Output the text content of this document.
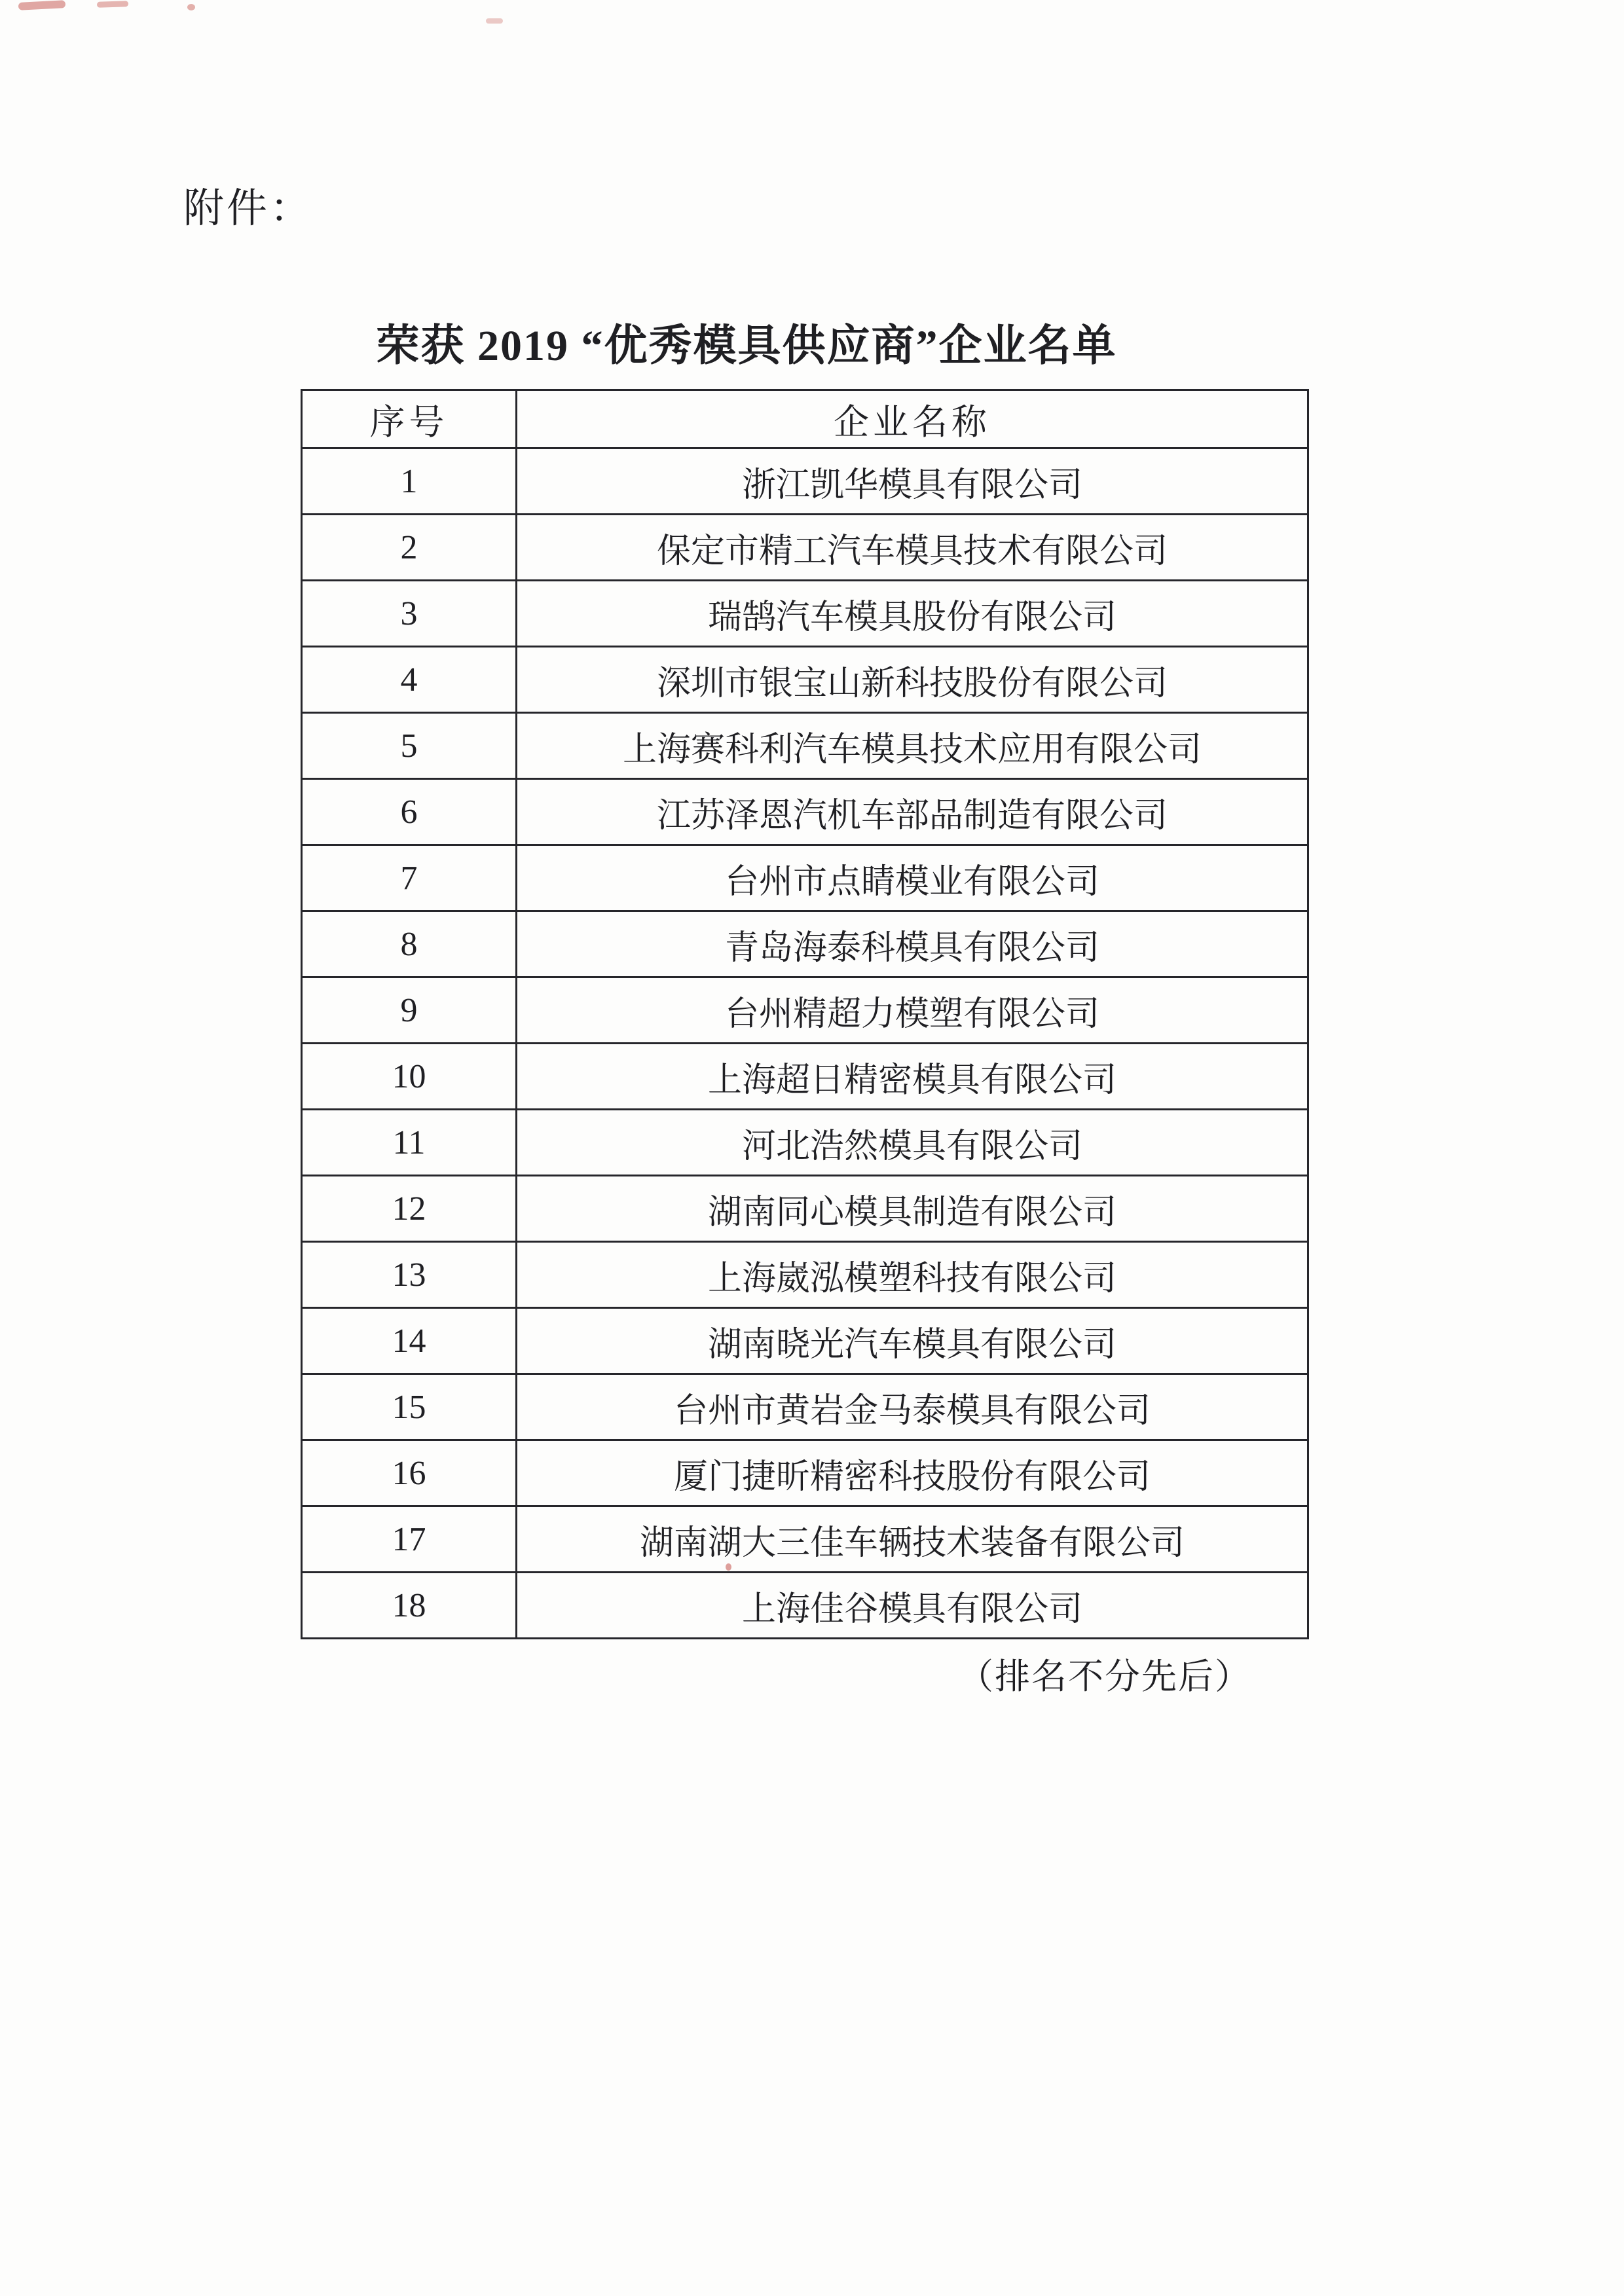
附件：
荣获 2019 “优秀模具供应商”企业名单
序号	企业名称
1	浙江凯华模具有限公司
2	保定市精工汽车模具技术有限公司
3	瑞鹄汽车模具股份有限公司
4	深圳市银宝山新科技股份有限公司
5	上海赛科利汽车模具技术应用有限公司
6	江苏泽恩汽机车部品制造有限公司
7	台州市点睛模业有限公司
8	青岛海泰科模具有限公司
9	台州精超力模塑有限公司
10	上海超日精密模具有限公司
11	河北浩然模具有限公司
12	湖南同心模具制造有限公司
13	上海崴泓模塑科技有限公司
14	湖南晓光汽车模具有限公司
15	台州市黄岩金马泰模具有限公司
16	厦门捷昕精密科技股份有限公司
17	湖南湖大三佳车辆技术装备有限公司
18	上海佳谷模具有限公司
（排名不分先后）
